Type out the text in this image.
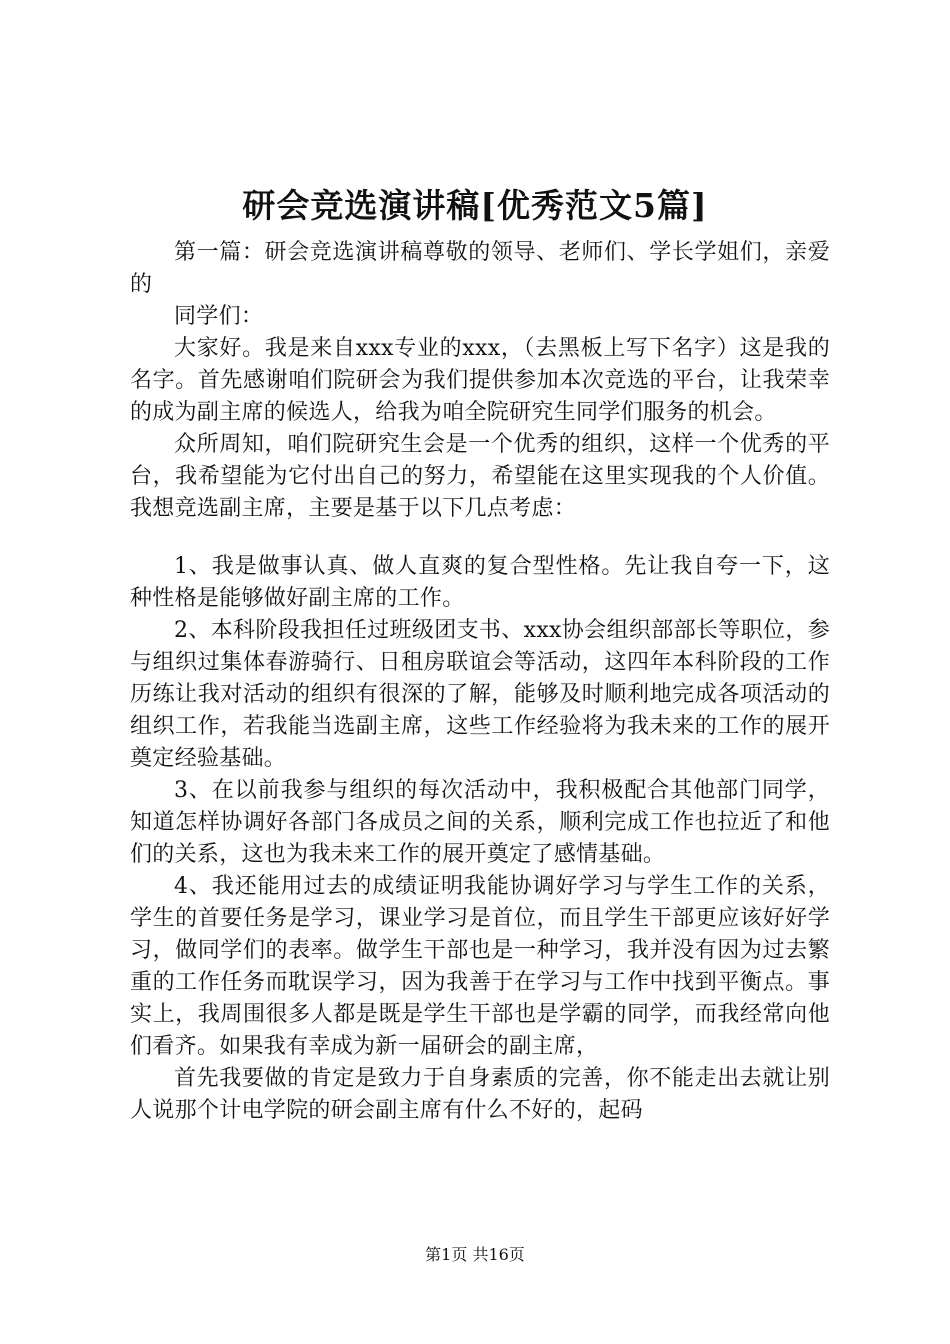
研会竞选演讲稿[优秀范文5篇]

第一篇：研会竞选演讲稿尊敬的领导、老师们、学长学姐们，亲爱的

同学们：

大家好。我是来自xxx专业的xxx，（去黑板上写下名字）这是我的名字。首先感谢咱们院研会为我们提供参加本次竞选的平台，让我荣幸的成为副主席的候选人，给我为咱全院研究生同学们服务的机会。

众所周知，咱们院研究生会是一个优秀的组织，这样一个优秀的平台，我希望能为它付出自己的努力，希望能在这里实现我的个人价值。我想竞选副主席，主要是基于以下几点考虑：

1、我是做事认真、做人直爽的复合型性格。先让我自夸一下，这种性格是能够做好副主席的工作。

2、本科阶段我担任过班级团支书、xxx协会组织部部长等职位，参与组织过集体春游骑行、日租房联谊会等活动，这四年本科阶段的工作历练让我对活动的组织有很深的了解，能够及时顺利地完成各项活动的组织工作，若我能当选副主席，这些工作经验将为我未来的工作的展开奠定经验基础。

3、在以前我参与组织的每次活动中，我积极配合其他部门同学，知道怎样协调好各部门各成员之间的关系，顺利完成工作也拉近了和他们的关系，这也为我未来工作的展开奠定了感情基础。

4、我还能用过去的成绩证明我能协调好学习与学生工作的关系，学生的首要任务是学习，课业学习是首位，而且学生干部更应该好好学习，做同学们的表率。做学生干部也是一种学习，我并没有因为过去繁重的工作任务而耽误学习，因为我善于在学习与工作中找到平衡点。事实上，我周围很多人都是既是学生干部也是学霸的同学，而我经常向他们看齐。如果我有幸成为新一届研会的副主席，

首先我要做的肯定是致力于自身素质的完善，你不能走出去就让别人说那个计电学院的研会副主席有什么不好的，起码

第1页 共16页
